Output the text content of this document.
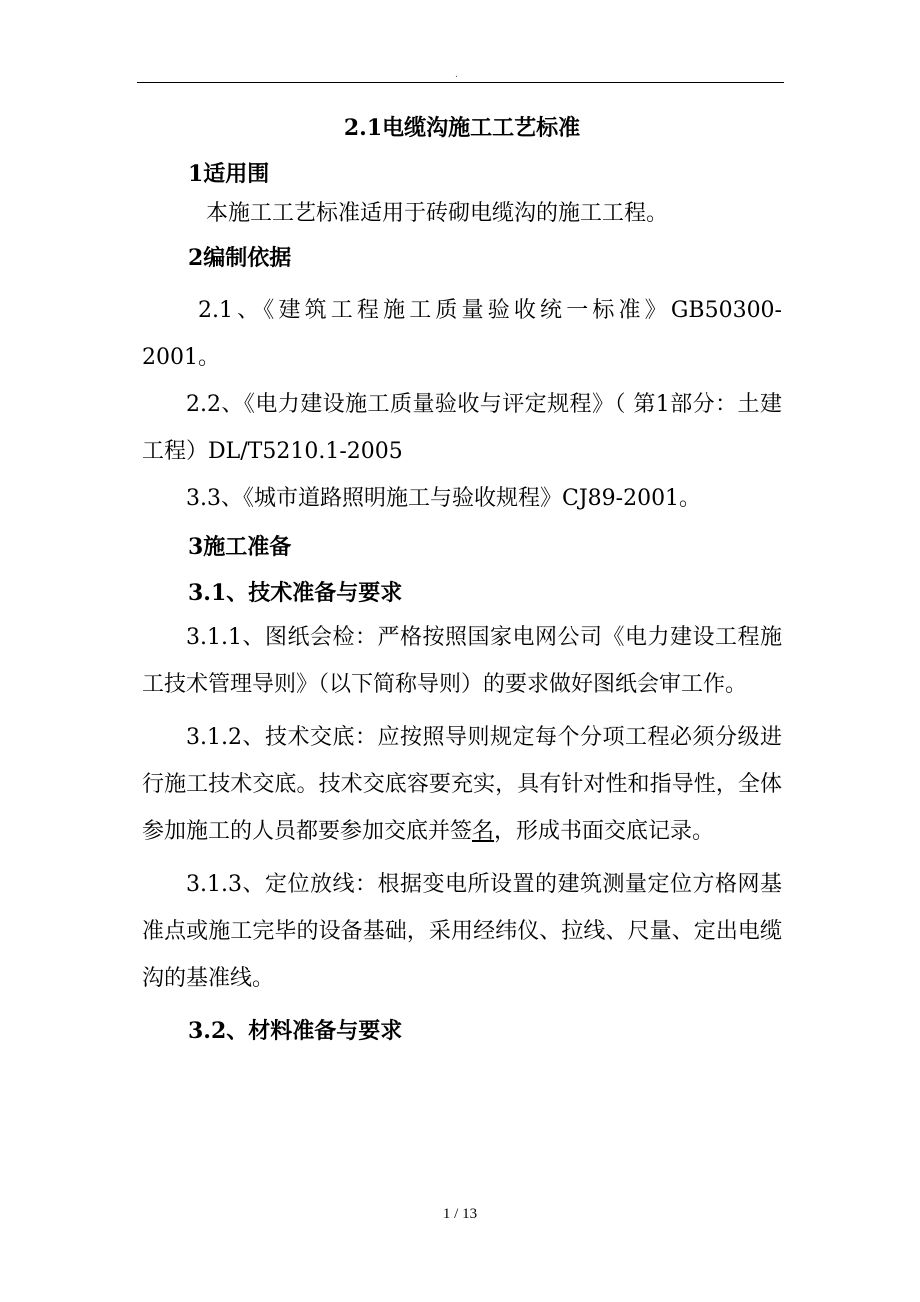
.

2.1电缆沟施工工艺标准

1适用围

本施工工艺标准适用于砖砌电缆沟的施工工程。

2编制依据

2.1、《建筑工程施工质量验收统一标准》GB50300-2001。

2.2、《电力建设施工质量验收与评定规程》（ 第1部分：土建工程）DL/T5210.1-2005

3.3、《城市道路照明施工与验收规程》CJ89-2001。

3施工准备

3.1、技术准备与要求

3.1.1、图纸会检：严格按照国家电网公司《电力建设工程施工技术管理导则》（以下简称导则）的要求做好图纸会审工作。

3.1.2、技术交底：应按照导则规定每个分项工程必须分级进行施工技术交底。技术交底容要充实，具有针对性和指导性，全体参加施工的人员都要参加交底并签名，形成书面交底记录。

3.1.3、定位放线：根据变电所设置的建筑测量定位方格网基准点或施工完毕的设备基础，采用经纬仪、拉线、尺量、定出电缆沟的基准线。

3.2、材料准备与要求

1 / 13
